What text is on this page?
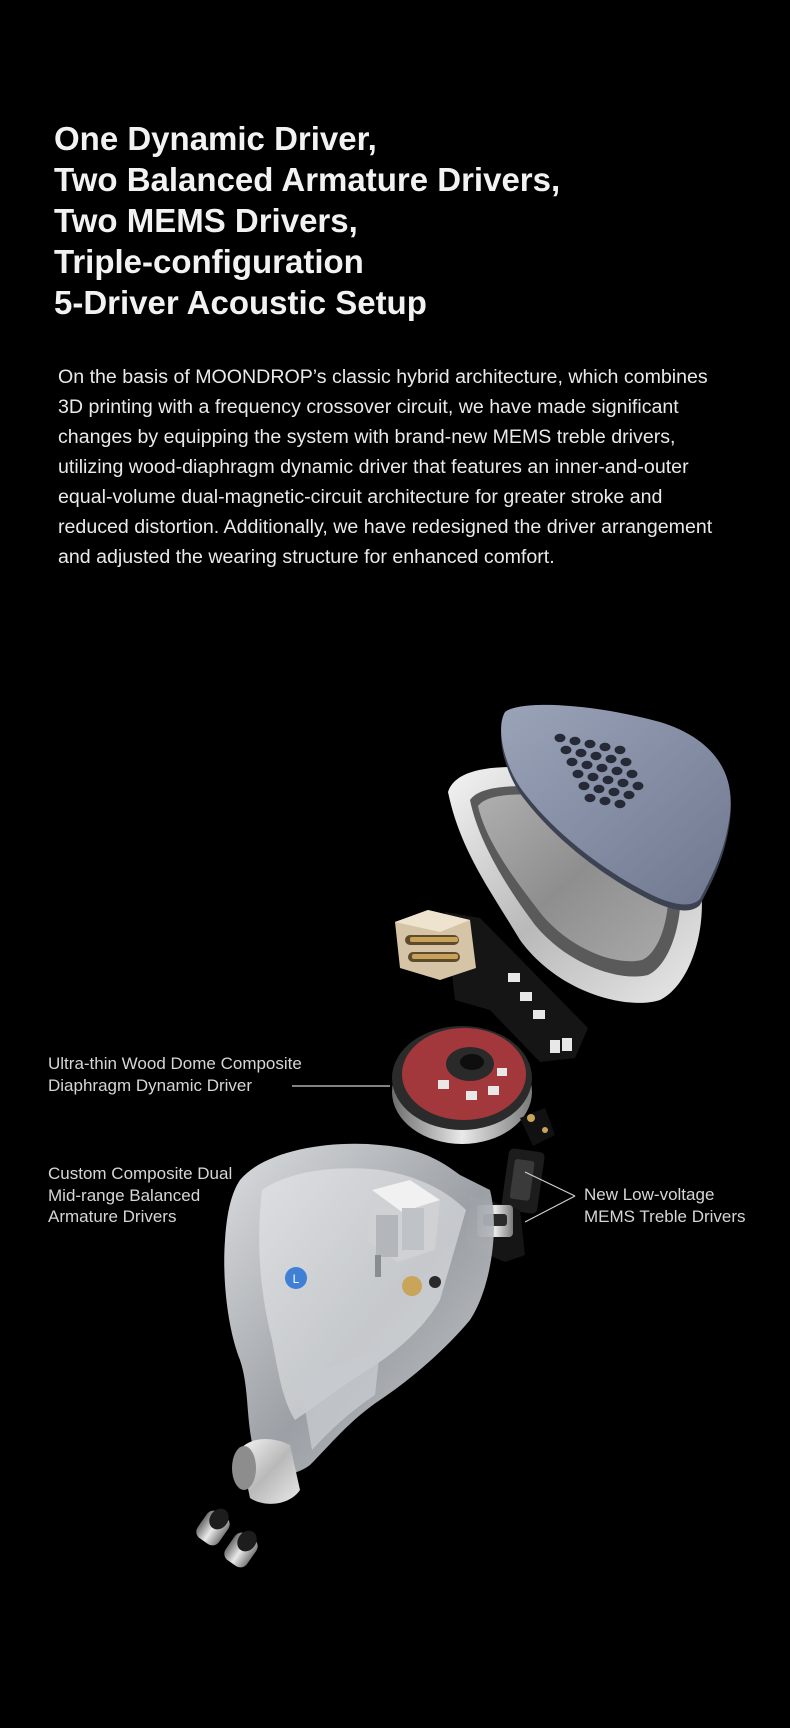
One Dynamic Driver,
Two Balanced Armature Drivers,
Two MEMS Drivers,
Triple-configuration
5-Driver Acoustic Setup

On the basis of MOONDROP’s classic hybrid architecture, which combines
3D printing with a frequency crossover circuit, we have made significant
changes by equipping the system with brand-new MEMS treble drivers,
utilizing wood-diaphragm dynamic driver that features an inner-and-outer
equal-volume dual-magnetic-circuit architecture for greater stroke and
reduced distortion. Additionally, we have redesigned the driver arrangement
and adjusted the wearing structure for enhanced comfort.

L
Ultra-thin Wood Dome Composite
Diaphragm Dynamic Driver
Custom Composite Dual
Mid-range Balanced
Armature Drivers
New Low-voltage
MEMS Treble Drivers
